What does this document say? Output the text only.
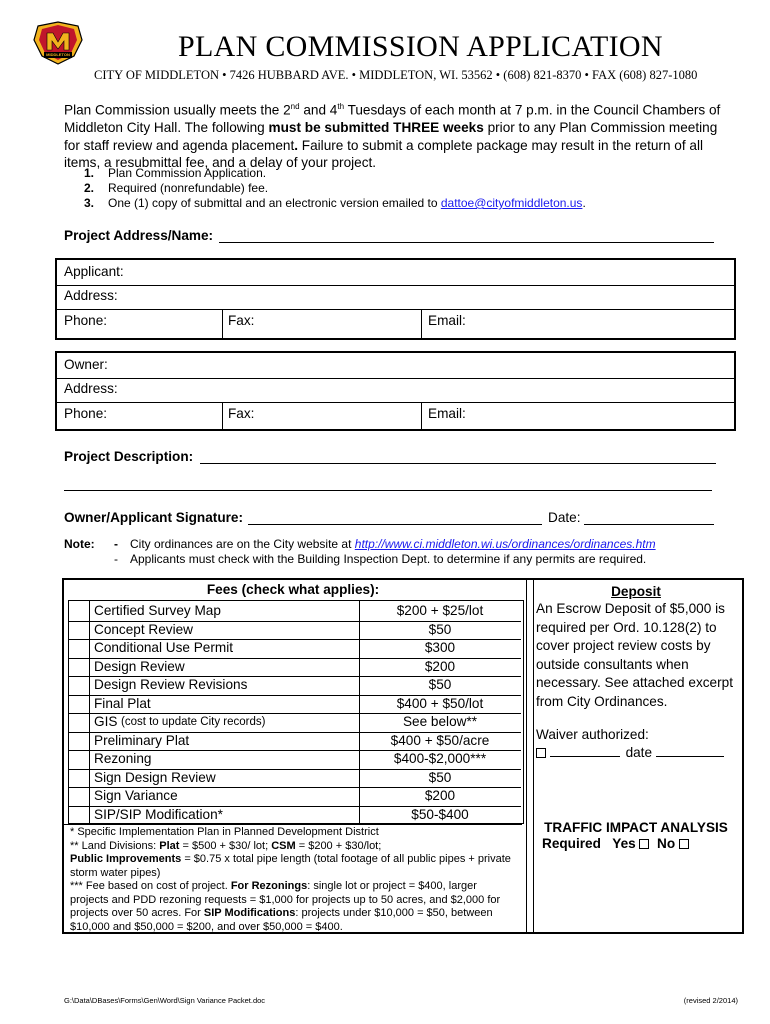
MIDDLETON	PLAN COMMISSION APPLICATION
CITY OF MIDDLETON • 7426 HUBBARD AVE. • MIDDLETON, WI. 53562 • (608) 821-8370 • FAX (608) 827-1080
Plan Commission usually meets the 2nd and 4th Tuesdays of each month at 7 p.m. in the Council Chambers of Middleton City Hall. The following must be submitted THREE weeks prior to any Plan Commission meeting for staff review and agenda placement. Failure to submit a complete package may result in the return of all items, a resubmittal fee, and a delay of your project.
1. Plan Commission Application.
2. Required (nonrefundable) fee.
3. One (1) copy of submittal and an electronic version emailed to dattoe@cityofmiddleton.us.
Project Address/Name:
Applicant:
Address:
Phone:	Fax:	Email:
Owner:
Address:
Phone:	Fax:	Email:
Project Description:
Owner/Applicant Signature:	Date:
Note: - City ordinances are on the City website at http://www.ci.middleton.wi.us/ordinances/ordinances.htm
- Applicants must check with the Building Inspection Dept. to determine if any permits are required.
Fees (check what applies):
Certified Survey Map	$200 + $25/lot
Concept Review	$50
Conditional Use Permit	$300
Design Review	$200
Design Review Revisions	$50
Final Plat	$400 + $50/lot
GIS (cost to update City records)	See below**
Preliminary Plat	$400 + $50/acre
Rezoning	$400-$2,000***
Sign Design Review	$50
Sign Variance	$200
SIP/SIP Modification*	$50-$400
* Specific Implementation Plan in Planned Development District
** Land Divisions: Plat = $500 + $30/ lot; CSM = $200 + $30/lot;
Public Improvements = $0.75 x total pipe length (total footage of all public pipes + private storm water pipes)
*** Fee based on cost of project. For Rezonings: single lot or project = $400, larger projects and PDD rezoning requests = $1,000 for projects up to 50 acres, and $2,000 for projects over 50 acres. For SIP Modifications: projects under $10,000 = $50, between $10,000 and $50,000 = $200, and over $50,000 = $400.
Deposit
An Escrow Deposit of $5,000 is required per Ord. 10.128(2) to cover project review costs by outside consultants when necessary. See attached excerpt from City Ordinances.
Waiver authorized:
date
TRAFFIC IMPACT ANALYSIS
Required Yes No
G:\Data\DBases\Forms\Gen\Word\Sign Variance Packet.doc	(revised 2/2014)
